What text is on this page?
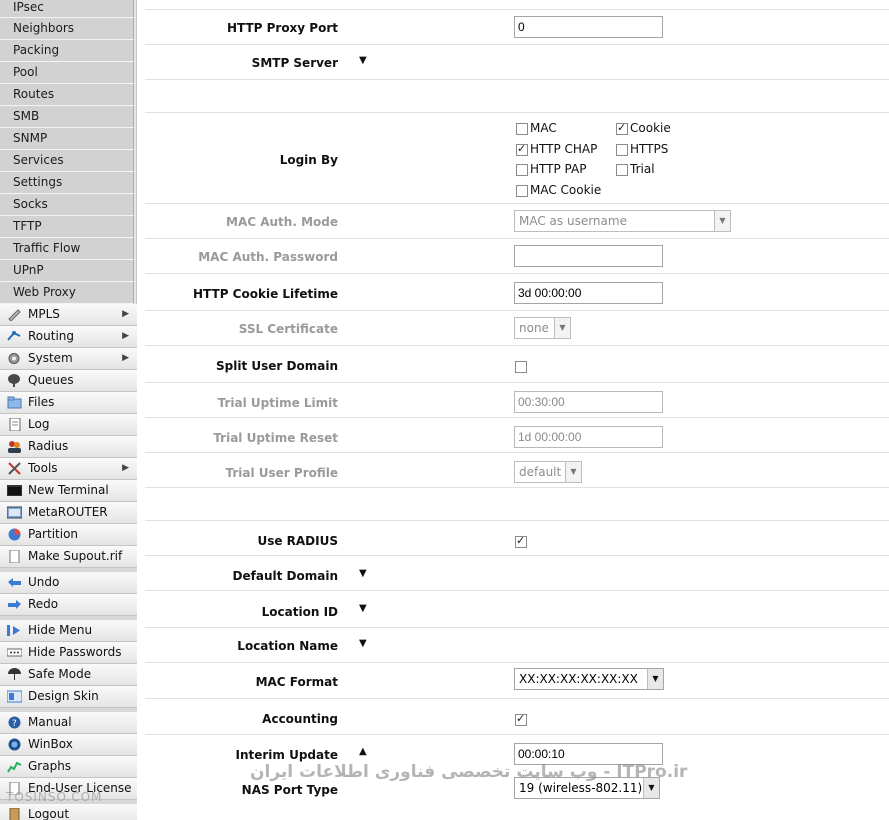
IPsec
Neighbors
Packing
Pool
Routes
SMB
SNMP
Services
Settings
Socks
TFTP
Traffic Flow
UPnP
Web Proxy
MPLS	▶
Routing	▶
System	▶
Queues
Files
Log
Radius
Tools	▶
New Terminal
MetaROUTER
Partition
Make Supout.rif
Undo
Redo
Hide Menu
Hide Passwords
Safe Mode
Design Skin
? Manual
WinBox
Graphs
End-User License
Logout
HTTP Proxy Port
0
SMTP Server ▼
Login By
MAC
✓	Cookie
✓HTTP CHAP	HTTPS
HTTP PAP	Trial
MAC Cookie
MAC Auth. Mode	MAC as username	▼
MAC Auth. Password
HTTP Cookie Lifetime
3d 00:00:00
SSL Certificate	none	▼
Split User Domain
Trial Uptime Limit
00:30:00
Trial Uptime Reset
1d 00:00:00
Trial User Profile	default	▼
Use RADIUS
✓
Default Domain ▼
Location ID ▼
Location Name ▼
MAC Format	XX:XX:XX:XX:XX:XX	▼
Accounting
✓
Interim Update ▲
00:00:10
NAS Port Type	19 (wireless-802.11) ▼
ITPro.ir - وب سایت تخصصی فناوری اطلاعات ایران
TOSINSO.COM
